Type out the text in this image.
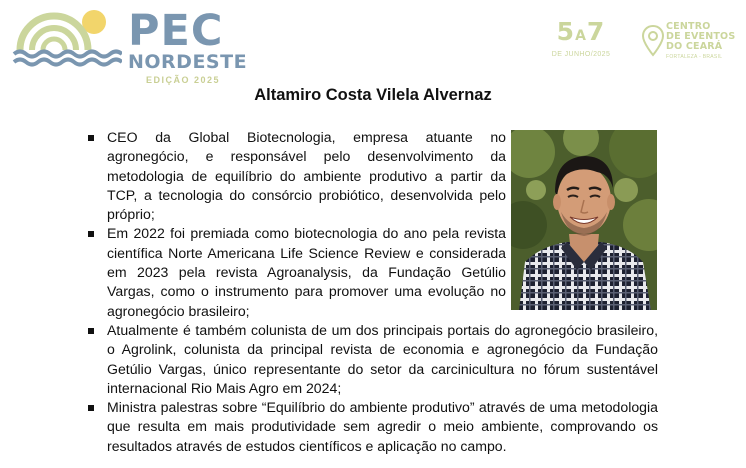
PEC
NORDESTE
EDIÇÃO 2025
5A7
DE JUNHO/2025
CENTRO
DE EVENTOS
DO CEARÁ
FORTALEZA - BRASIL
Altamiro Costa Vilela Alvernaz
CEO da Global Biotecnologia, empresa atuante no agronegócio, e responsável pelo desenvolvimento da metodologia de equilíbrio do ambiente produtivo a partir da TCP, a tecnologia do consórcio probiótico, desenvolvida pelo próprio;
Em 2022 foi premiada como biotecnologia do ano pela revista científica Norte Americana Life Science Review e considerada em 2023 pela revista Agroanalysis, da Fundação Getúlio Vargas, como o instrumento para promover uma evolução no agronegócio brasileiro;
Atualmente é também colunista de um dos principais portais do agronegócio brasileiro, o Agrolink, colunista da principal revista de economia e agronegócio da Fundação Getúlio Vargas, único representante do setor da carcinicultura no fórum sustentável internacional Rio Mais Agro em 2024;
Ministra palestras sobre “Equilíbrio do ambiente produtivo” através de uma metodologia que resulta em mais produtividade sem agredir o meio ambiente, comprovando os resultados através de estudos científicos e aplicação no campo.
